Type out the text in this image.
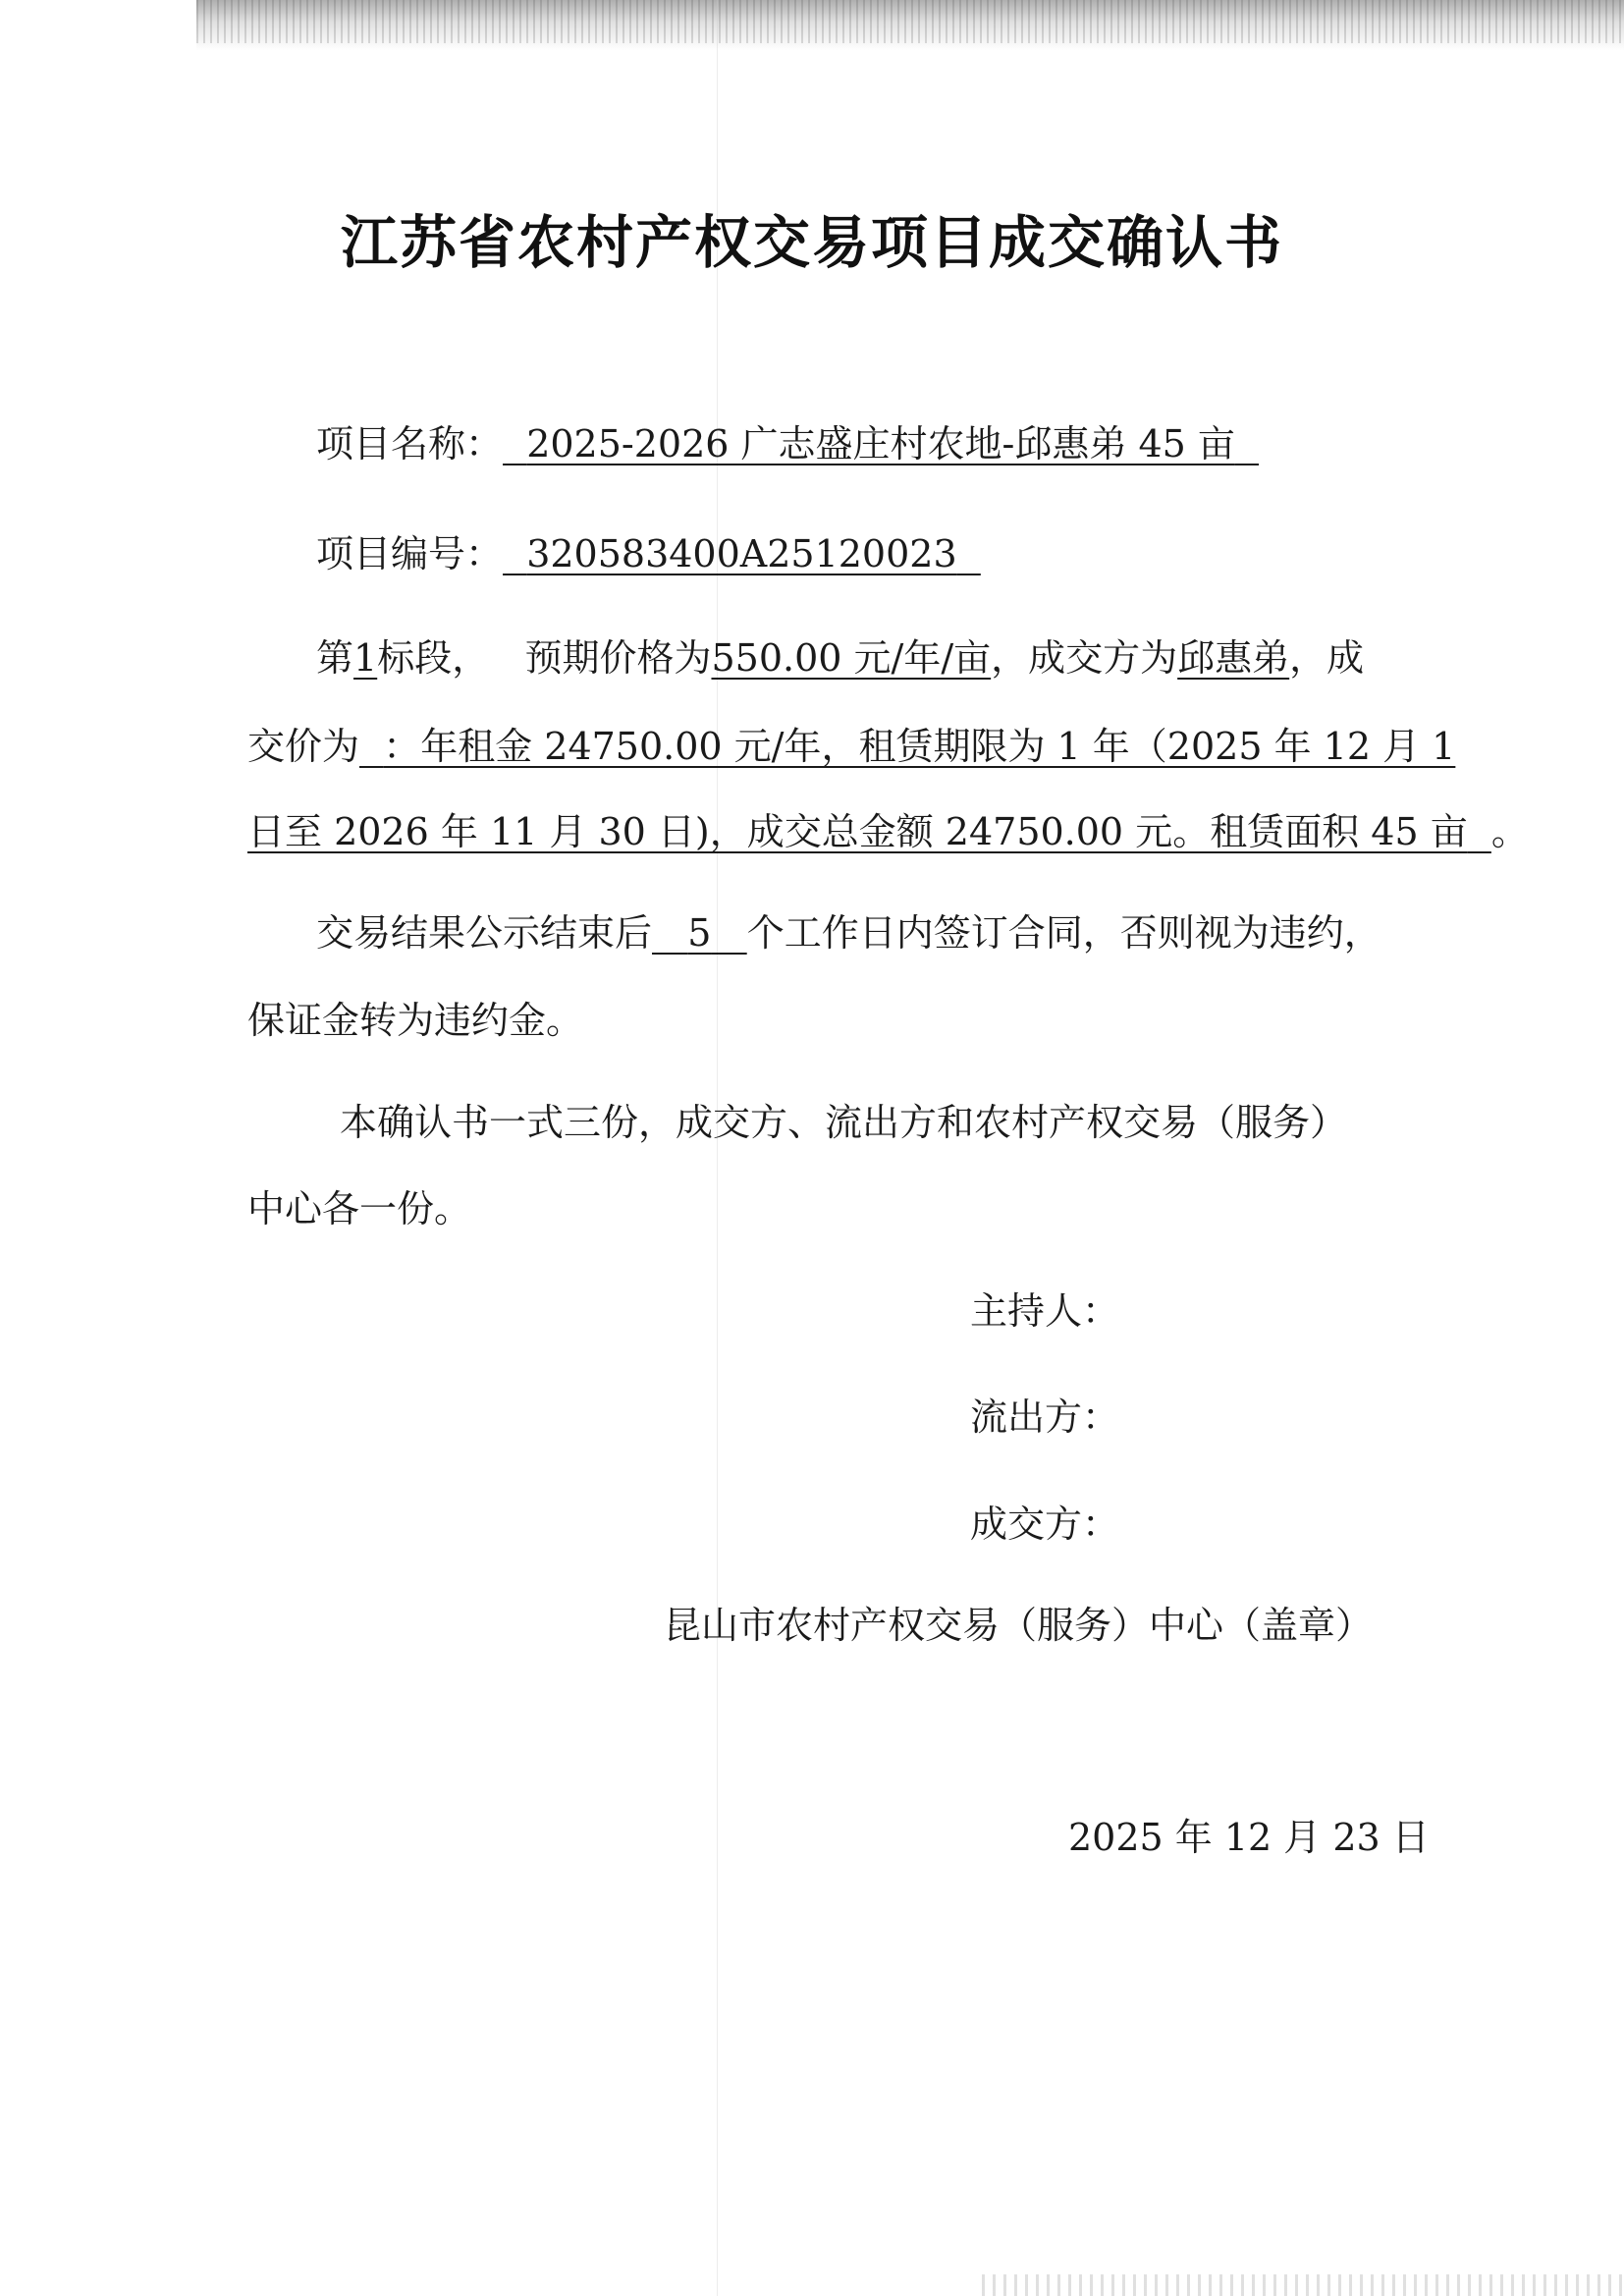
江苏省农村产权交易项目成交确认书
项目名称： 2025-2026 广志盛庄村农地-邱惠弟 45 亩
项目编号： 320583400A25120023
第1标段， 预期价格为550.00 元/年/亩，成交方为邱惠弟，成
交价为 ：年租金 24750.00 元/年，租赁期限为 1 年（2025 年 12 月 1
日至 2026 年 11 月 30 日)，成交总金额 24750.00 元。租赁面积 45 亩 。
交易结果公示结束后 5 个工作日内签订合同，否则视为违约，
保证金转为违约金。
本确认书一式三份，成交方、流出方和农村产权交易（服务）
中心各一份。
主持人：
流出方：
成交方：
昆山市农村产权交易（服务）中心（盖章）
2025 年 12 月 23 日
